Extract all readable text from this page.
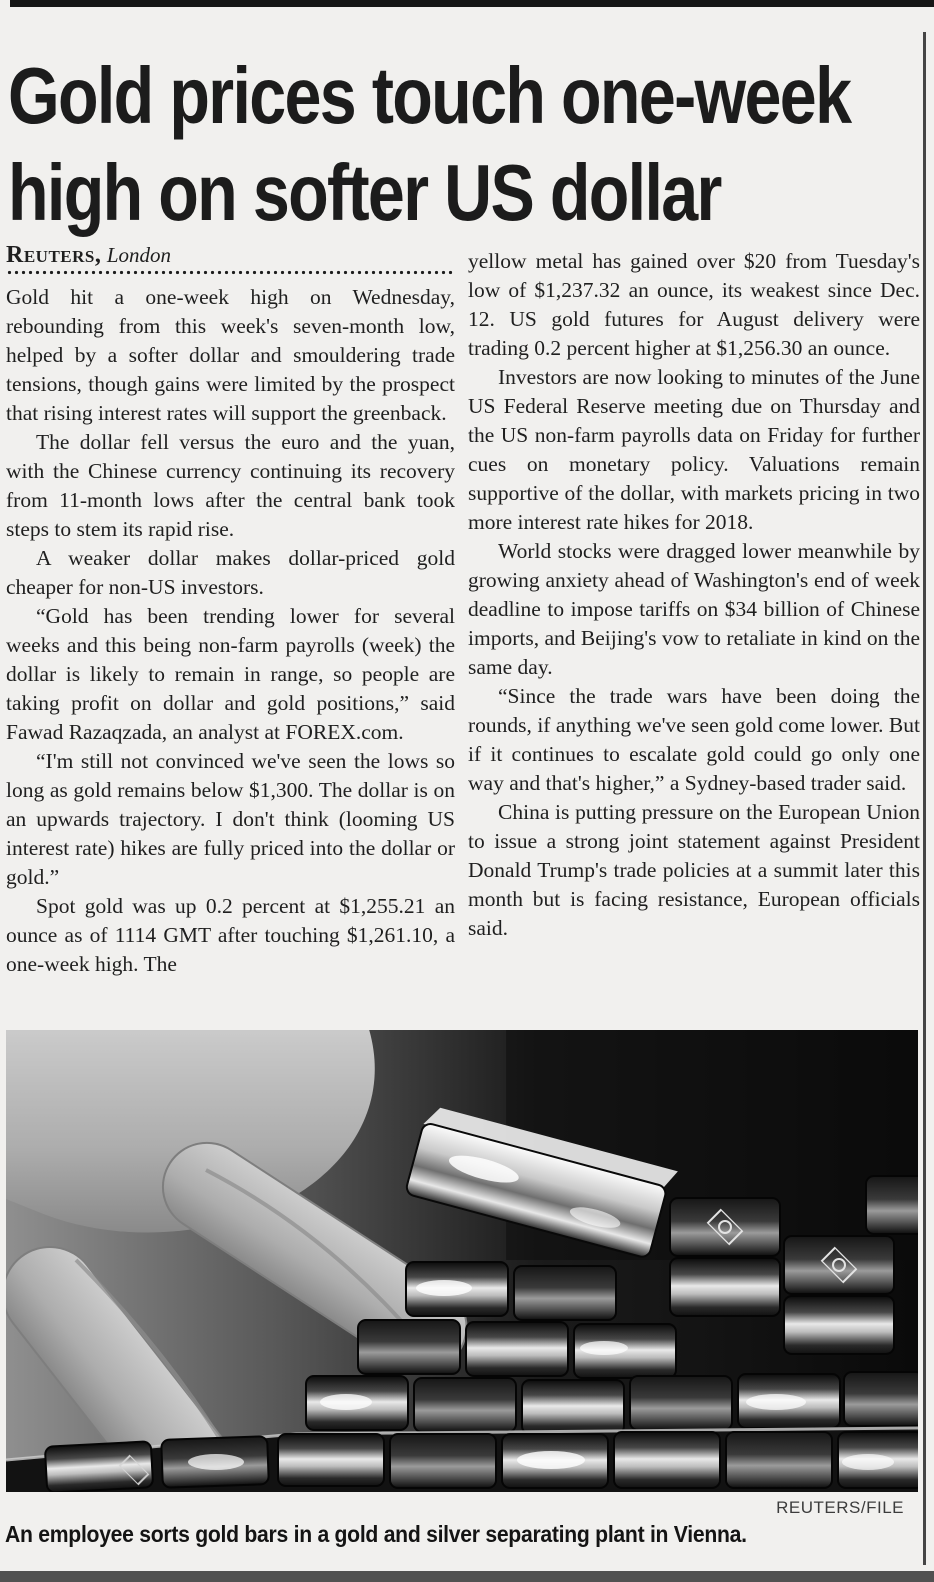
Gold prices touch one-week
high on softer US dollar

Reuters, London

Gold hit a one-week high on Wednesday, rebounding from this week's seven-month low, helped by a softer dollar and smouldering trade tensions, though gains were limited by the prospect that rising interest rates will support the greenback.

The dollar fell versus the euro and the yuan, with the Chinese currency continuing its recovery from 11-month lows after the central bank took steps to stem its rapid rise.

A weaker dollar makes dollar-priced gold cheaper for non-US investors.

“Gold has been trending lower for several weeks and this being non-farm payrolls (week) the dollar is likely to remain in range, so people are taking profit on dollar and gold positions,” said Fawad Razaqzada, an analyst at FOREX.com.

“I'm still not convinced we've seen the lows so long as gold remains below $1,300. The dollar is on an upwards trajectory. I don't think (looming US interest rate) hikes are fully priced into the dollar or gold.”

Spot gold was up 0.2 percent at $1,255.21 an ounce as of 1114 GMT after touching $1,261.10, a one-week high. The

yellow metal has gained over $20 from Tuesday's low of $1,237.32 an ounce, its weakest since Dec. 12. US gold futures for August delivery were trading 0.2 percent higher at $1,256.30 an ounce.

Investors are now looking to minutes of the June US Federal Reserve meeting due on Thursday and the US non-farm payrolls data on Friday for further cues on monetary policy. Valuations remain supportive of the dollar, with markets pricing in two more interest rate hikes for 2018.

World stocks were dragged lower meanwhile by growing anxiety ahead of Washington's end of week deadline to impose tariffs on $34 billion of Chinese imports, and Beijing's vow to retaliate in kind on the same day.

“Since the trade wars have been doing the rounds, if anything we've seen gold come lower. But if it continues to escalate gold could go only one way and that's higher,” a Sydney-based trader said.

China is putting pressure on the European Union to issue a strong joint statement against President Donald Trump's trade policies at a summit later this month but is facing resistance, European officials said.

REUTERS/FILE
An employee sorts gold bars in a gold and silver separating plant in Vienna.
